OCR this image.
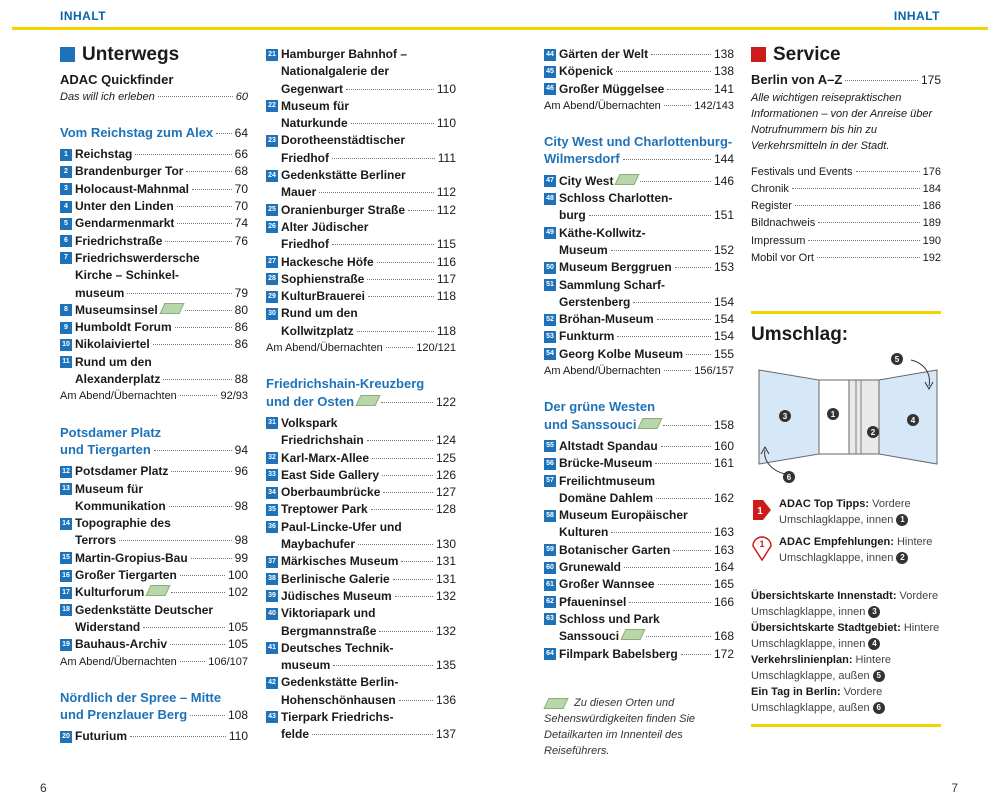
INHALT	INHALT
Unterwegs
ADAC Quickfinder
Das will ich erleben	60
Vom Reichstag zum Alex 64
1 Reichstag	66
2 Brandenburger Tor	68
3 Holocaust-Mahnmal	70
4 Unter den Linden	70
5 Gendarmenmarkt	74
6 Friedrichstraße	76
7 Friedrichswerdersche
Kirche – Schinkel-
museum	79
8 Museumsinsel	80
9 Humboldt Forum	86
10 Nikolaiviertel	86
11 Rund um den
Alexanderplatz	88
Am Abend/Übernachten	92/93
Potsdamer Platz
und Tiergarten	94
12 Potsdamer Platz	96
13 Museum für
Kommunikation	98
14 Topographie des
Terrors	98
15 Martin-Gropius-Bau	99
16 Großer Tiergarten	100
17 Kulturforum	102
18 Gedenkstätte Deutscher
Widerstand	105
19 Bauhaus-Archiv	105
Am Abend/Übernachten	106/107
Nördlich der Spree – Mitte
und Prenzlauer Berg	108
20 Futurium	110
21 Hamburger Bahnhof –
Nationalgalerie der
Gegenwart	110
22 Museum für
Naturkunde	110
23 Dorotheenstädtischer
Friedhof	111
24 Gedenkstätte Berliner
Mauer	112
25 Oranienburger Straße	112
26 Alter Jüdischer
Friedhof	115
27 Hackesche Höfe	116
28 Sophienstraße	117
29 KulturBrauerei	118
30 Rund um den
Kollwitzplatz	118
Am Abend/Übernachten	120/121
Friedrichshain-Kreuzberg
und der Osten	122
31 Volkspark
Friedrichshain	124
32 Karl-Marx-Allee	125
33 East Side Gallery	126
34 Oberbaumbrücke	127
35 Treptower Park	128
36 Paul-Lincke-Ufer und
Maybachufer	130
37 Märkisches Museum	131
38 Berlinische Galerie	131
39 Jüdisches Museum	132
40 Viktoriapark und
Bergmannstraße	132
41 Deutsches Technik-
museum	135
42 Gedenkstätte Berlin-
Hohenschönhausen	136
43 Tierpark Friedrichs-
felde	137
44 Gärten der Welt	138
45 Köpenick	138
46 Großer Müggelsee	141
Am Abend/Übernachten	142/143
City West und Charlottenburg-
Wilmersdorf	144
47 City West	146
48 Schloss Charlotten-
burg	151
49 Käthe-Kollwitz-
Museum	152
50 Museum Berggruen	153
51 Sammlung Scharf-
Gerstenberg	154
52 Bröhan-Museum	154
53 Funkturm	154
54 Georg Kolbe Museum	155
Am Abend/Übernachten	156/157
Der grüne Westen
und Sanssouci	158
55 Altstadt Spandau	160
56 Brücke-Museum	161
57 Freilichtmuseum
Domäne Dahlem	162
58 Museum Europäischer
Kulturen	163
59 Botanischer Garten	163
60 Grunewald	164
61 Großer Wannsee	165
62 Pfaueninsel	166
63 Schloss und Park
Sanssouci	168
64 Filmpark Babelsberg	172
Zu diesen Orten und Sehenswürdigkeiten finden Sie Detailkarten im Innenteil des Reiseführers.
Service
Berlin von A–Z	175
Alle wichtigen reisepraktischen Informationen – von der Anreise über Notrufnummern bis hin zu Verkehrsmitteln in der Stadt.
Festivals und Events	176
Chronik	184
Register	186
Bildnachweis	189
Impressum	190
Mobil vor Ort	192
Umschlag:
1
2
3	4
5
6
1
ADAC Top Tipps: Vordere Umschlagklappe, innen 1
1 ADAC Empfehlungen: Hintere Umschlagklappe, innen 2
Übersichtskarte Innenstadt: Vordere Umschlagklappe, innen 3
Übersichtskarte Stadtgebiet: Hintere Umschlagklappe, innen 4
Verkehrslinienplan: Hintere Umschlagklappe, außen 5
Ein Tag in Berlin: Vordere Umschlagklappe, außen 6
6	7
